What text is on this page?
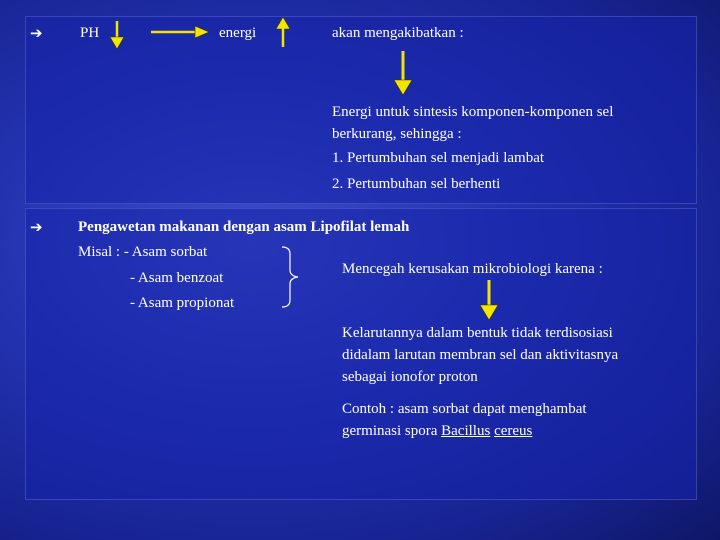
➔ PH	energi	akan mengakibatkan :
Energi untuk sintesis komponen-komponen sel
berkurang, sehingga :
1. Pertumbuhan sel menjadi lambat
2. Pertumbuhan sel berhenti
➔ Pengawetan makanan dengan asam Lipofilat lemah
Misal : - Asam sorbat
- Asam benzoat
- Asam propionat
Mencegah kerusakan mikrobiologi karena :
Kelarutannya dalam bentuk tidak terdisosiasi
didalam larutan membran sel dan aktivitasnya
sebagai ionofor proton
Contoh : asam sorbat dapat menghambat
germinasi spora Bacillus cereus
